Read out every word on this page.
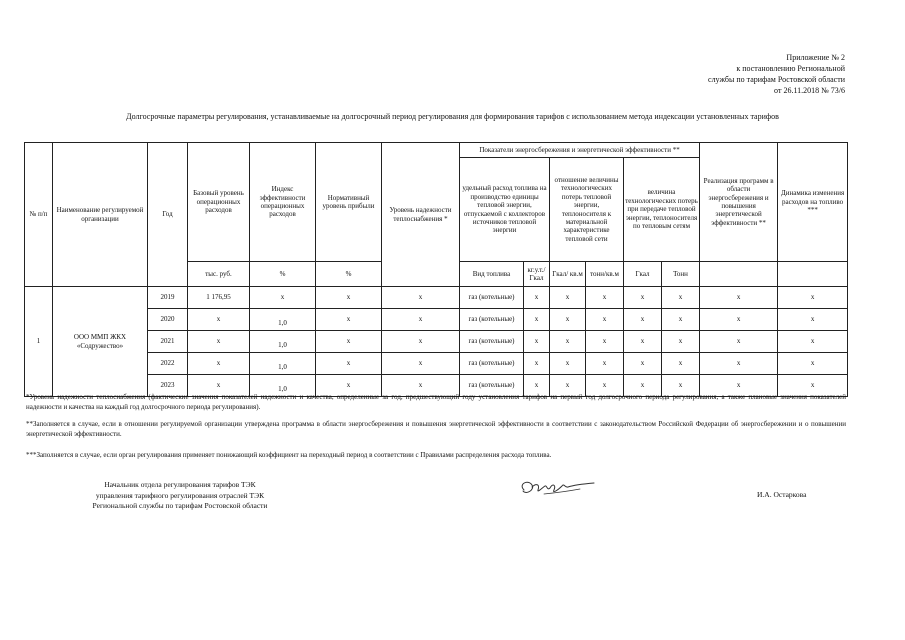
Приложение № 2
к постановлению Региональной
службы по тарифам Ростовской области
от 26.11.2018 № 73/6
Долгосрочные параметры регулирования, устанавливаемые на долгосрочный период регулирования для формирования тарифов с использованием метода индексации установленных тарифов
№ п/п	Наименование регулируемой организации	Год	Базовый уровень операционных расходов	Индекс эффективности операционных расходов	Нормативный уровень прибыли	Уровень надежности теплоснабжения *	Показатели энергосбережения и энергетической эффективности **						Реализация программ в области энергосбережения и повышения энергетической эффективности **	Динамика изменения расходов на топливо ***
							удельный расход топлива на производство единицы тепловой энергии, отпускаемой с коллекторов источников тепловой энергии		отношение величины технологических потерь тепловой энергии, теплоносителя к материальной характеристике тепловой сети		величина технологических потерь при передаче тепловой энергии, теплоносителя по тепловым сетям			
			тыс. руб.	%	%		Вид топлива	кг.у.т./ Гкал	Гкал/ кв.м	тонн/кв.м	Гкал	Тонн		
1	ООО ММП ЖКХ «Содружество»	2019	1 176,95	х	х	х	газ (котельные)	х	х	х	х	х	х	х
		2020	х	1,0	х	х	газ (котельные)	х	х	х	х	х	х	х
		2021	х	1,0	х	х	газ (котельные)	х	х	х	х	х	х	х
		2022	х	1,0	х	х	газ (котельные)	х	х	х	х	х	х	х
		2023	х	1,0	х	х	газ (котельные)	х	х	х	х	х	х	х
*Уровень надежности теплоснабжения (фактические значения показателей надежности и качества, определенные за год, предшествующий году установления тарифов на первый год долгосрочного периода регулирования, а также плановые значения показателей надежности и качества на каждый год долгосрочного периода регулирования).
**Заполняется в случае, если в отношении регулируемой организации утверждена программа в области энергосбережения и повышения энергетической эффективности в соответствии с законодательством Российской Федерации об энергосбережении и о повышении энергетической эффективности.
***Заполняется в случае, если орган регулирования применяет понижающий коэффициент на переходный период в соответствии с Правилами распределения расхода топлива.
Начальник отдела регулирования тарифов ТЭК
управления тарифного регулирования отраслей ТЭК
Региональной службы по тарифам Ростовской области
И.А. Остаркова
